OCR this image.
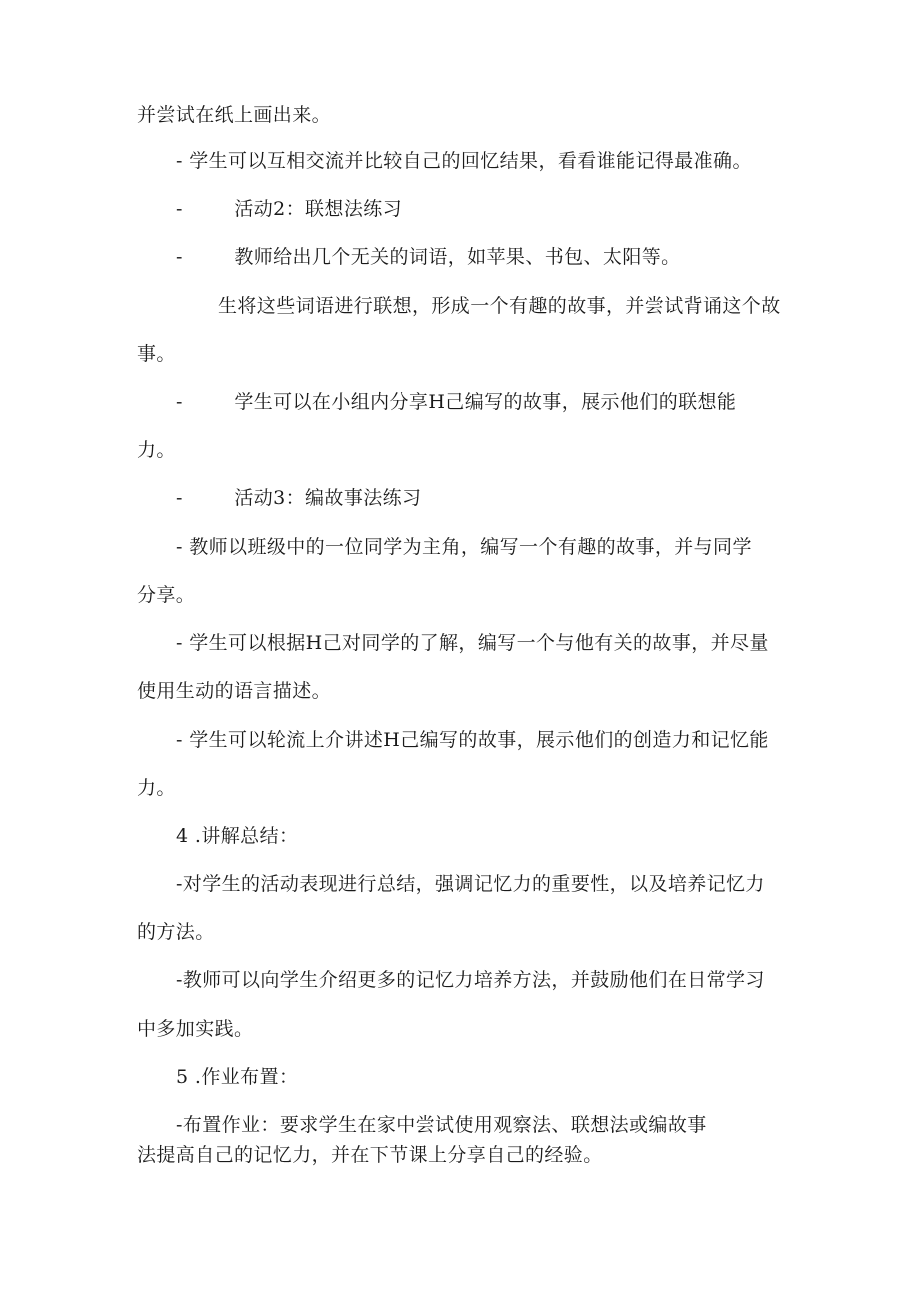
并尝试在纸上画出来。
- 学生可以互相交流并比较自己的回忆结果，看看谁能记得最准确。
-        活动2：联想法练习
-        教师给出几个无关的词语，如苹果、书包、太阳等。
生将这些词语进行联想，形成一个有趣的故事，并尝试背诵这个故
事。
-        学生可以在小组内分享H己编写的故事，展示他们的联想能
力。
-        活动3：编故事法练习
- 教师以班级中的一位同学为主角，编写一个有趣的故事，并与同学
分享。
- 学生可以根据H己对同学的了解，编写一个与他有关的故事，并尽量
使用生动的语言描述。
- 学生可以轮流上介讲述H己编写的故事，展示他们的创造力和记忆能
力。
4 .讲解总结：
-对学生的活动表现进行总结，强调记忆力的重要性，以及培养记忆力
的方法。
-教师可以向学生介绍更多的记忆力培养方法，并鼓励他们在日常学习
中多加实践。
5 .作业布置：
-布置作业：要求学生在家中尝试使用观察法、联想法或编故事
法提高自己的记忆力，并在下节课上分享自己的经验。
